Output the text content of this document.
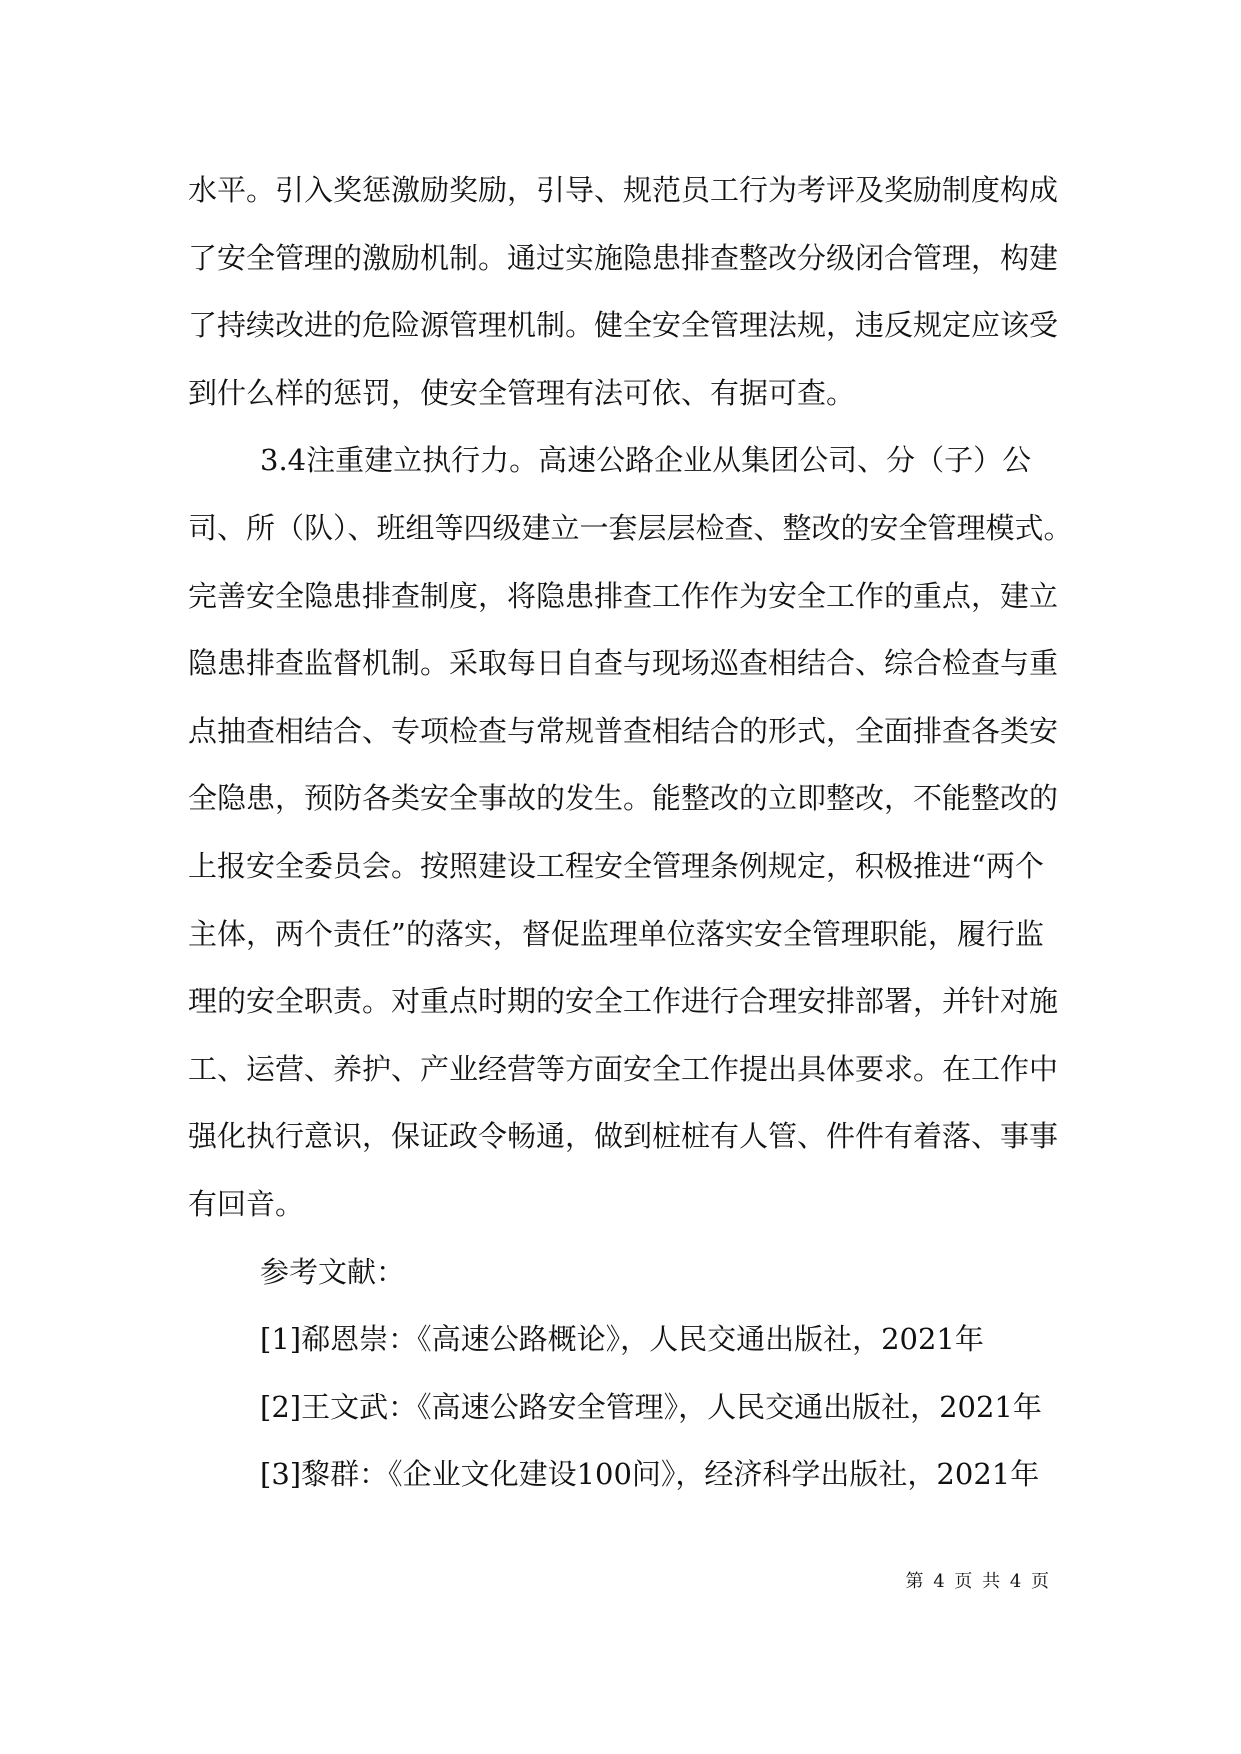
水平。引入奖惩激励奖励，引导、规范员工行为考评及奖励制度构成
了安全管理的激励机制。通过实施隐患排查整改分级闭合管理，构建
了持续改进的危险源管理机制。健全安全管理法规，违反规定应该受
到什么样的惩罚，使安全管理有法可依、有据可查。
3.4注重建立执行力。高速公路企业从集团公司、分（子）公
司、所（队）、班组等四级建立一套层层检查、整改的安全管理模式。
完善安全隐患排查制度，将隐患排查工作作为安全工作的重点，建立
隐患排查监督机制。采取每日自查与现场巡查相结合、综合检查与重
点抽查相结合、专项检查与常规普查相结合的形式，全面排查各类安
全隐患，预防各类安全事故的发生。能整改的立即整改，不能整改的
上报安全委员会。按照建设工程安全管理条例规定，积极推进“两个
主体，两个责任”的落实，督促监理单位落实安全管理职能，履行监
理的安全职责。对重点时期的安全工作进行合理安排部署，并针对施
工、运营、养护、产业经营等方面安全工作提出具体要求。在工作中
强化执行意识，保证政令畅通，做到桩桩有人管、件件有着落、事事
有回音。
参考文献：
[1]郗恩崇：《高速公路概论》，人民交通出版社，2021年
[2]王文武：《高速公路安全管理》，人民交通出版社，2021年
[3]黎群：《企业文化建设100问》，经济科学出版社，2021年
第 4 页 共 4 页
